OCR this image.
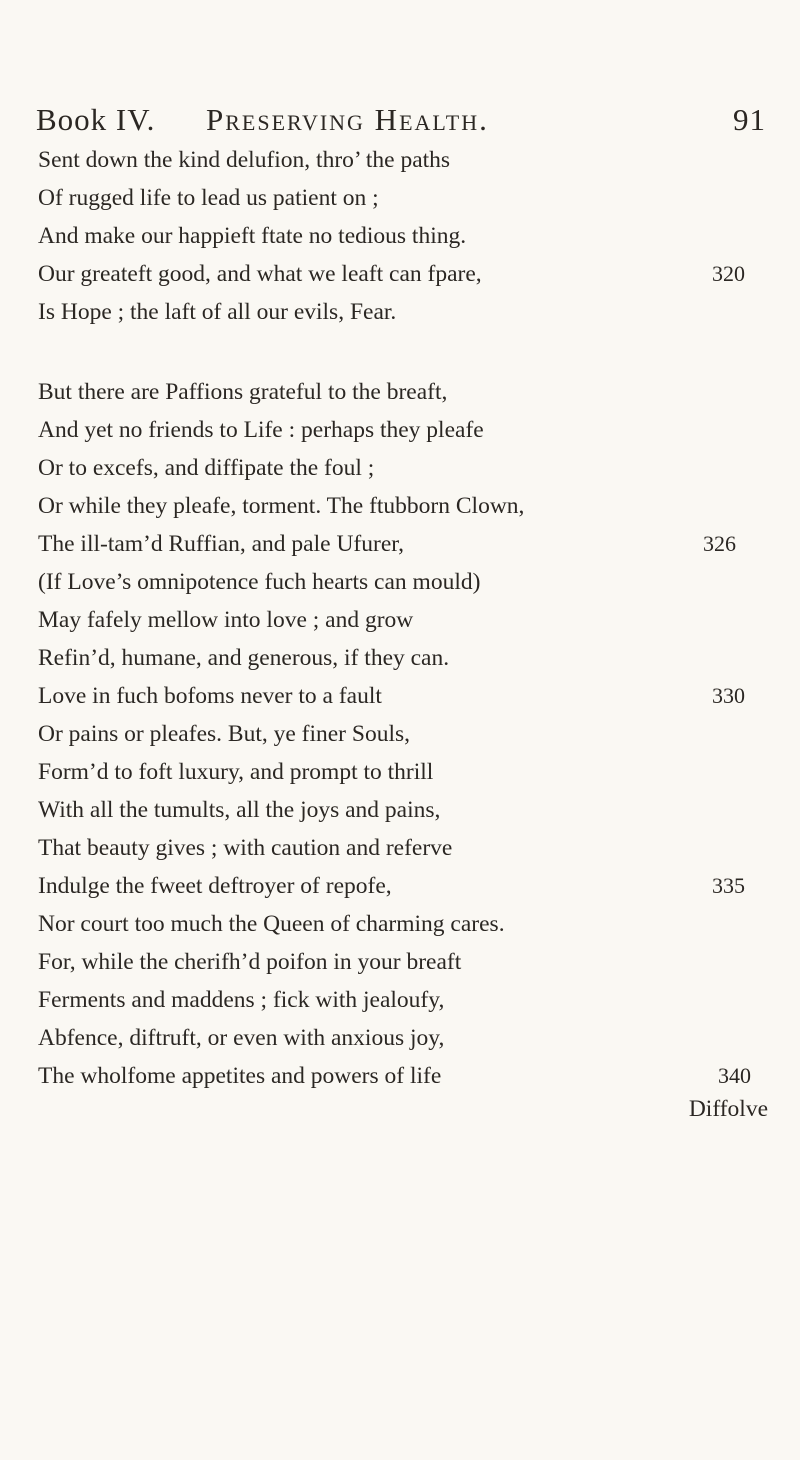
Book IV. Preserving Health.	91
Sent down the kind delufion, thro’ the paths
Of rugged life to lead us patient on ;
And make our happieft ftate no tedious thing.
Our greateft good, and what we leaft can fpare,	320
Is Hope ; the laft of all our evils, Fear.
But there are Paffions grateful to the breaft,
And yet no friends to Life : perhaps they pleafe
Or to excefs, and diffipate the foul ;
Or while they pleafe, torment. The ftubborn Clown,
The ill-tam’d Ruffian, and pale Ufurer,	326
(If Love’s omnipotence fuch hearts can mould)
May fafely mellow into love ; and grow
Refin’d, humane, and generous, if they can.
Love in fuch bofoms never to a fault	330
Or pains or pleafes. But, ye finer Souls,
Form’d to foft luxury, and prompt to thrill
With all the tumults, all the joys and pains,
That beauty gives ; with caution and referve
Indulge the fweet deftroyer of repofe,	335
Nor court too much the Queen of charming cares.
For, while the cherifh’d poifon in your breaft
Ferments and maddens ; fick with jealoufy,
Abfence, diftruft, or even with anxious joy,
The wholfome appetites and powers of life	340
Diffolve
